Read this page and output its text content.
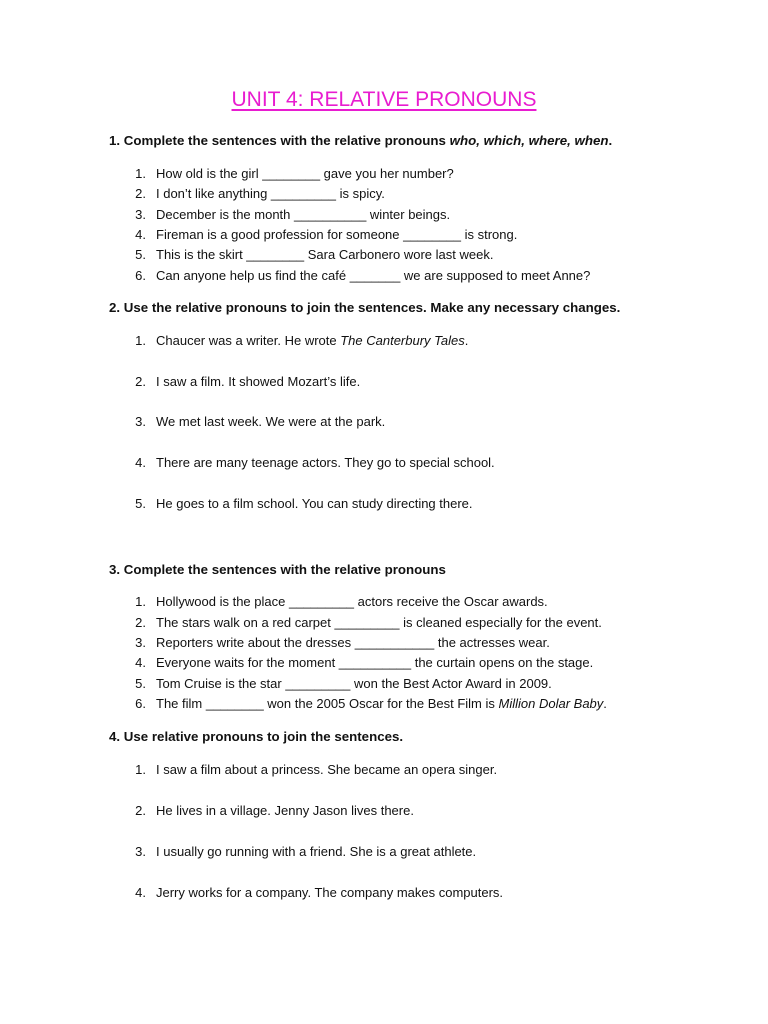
UNIT 4: RELATIVE PRONOUNS
1. Complete the sentences with the relative pronouns who, which, where, when.
1. How old is the girl ________ gave you her number?
2. I don’t like anything _________ is spicy.
3. December is the month __________ winter beings.
4. Fireman is a good profession for someone ________ is strong.
5. This is the skirt ________ Sara Carbonero wore last week.
6. Can anyone help us find the café _______ we are supposed to meet Anne?
2. Use the relative pronouns to join the sentences. Make any necessary changes.
1. Chaucer was a writer. He wrote The Canterbury Tales.
2. I saw a film. It showed Mozart’s life.
3. We met last week. We were at the park.
4. There are many teenage actors. They go to special school.
5. He goes to a film school. You can study directing there.
3. Complete the sentences with the relative pronouns
1. Hollywood is the place _________ actors receive the Oscar awards.
2. The stars walk on a red carpet _________ is cleaned especially for the event.
3. Reporters write about the dresses ___________ the actresses wear.
4. Everyone waits for the moment __________ the curtain opens on the stage.
5. Tom Cruise is the star _________ won the Best Actor Award in 2009.
6. The film ________ won the 2005 Oscar for the Best Film is Million Dolar Baby.
4. Use relative pronouns to join the sentences.
1. I saw a film about a princess. She became an opera singer.
2. He lives in a village. Jenny Jason lives there.
3. I usually go running with a friend. She is a great athlete.
4. Jerry works for a company. The company makes computers.
